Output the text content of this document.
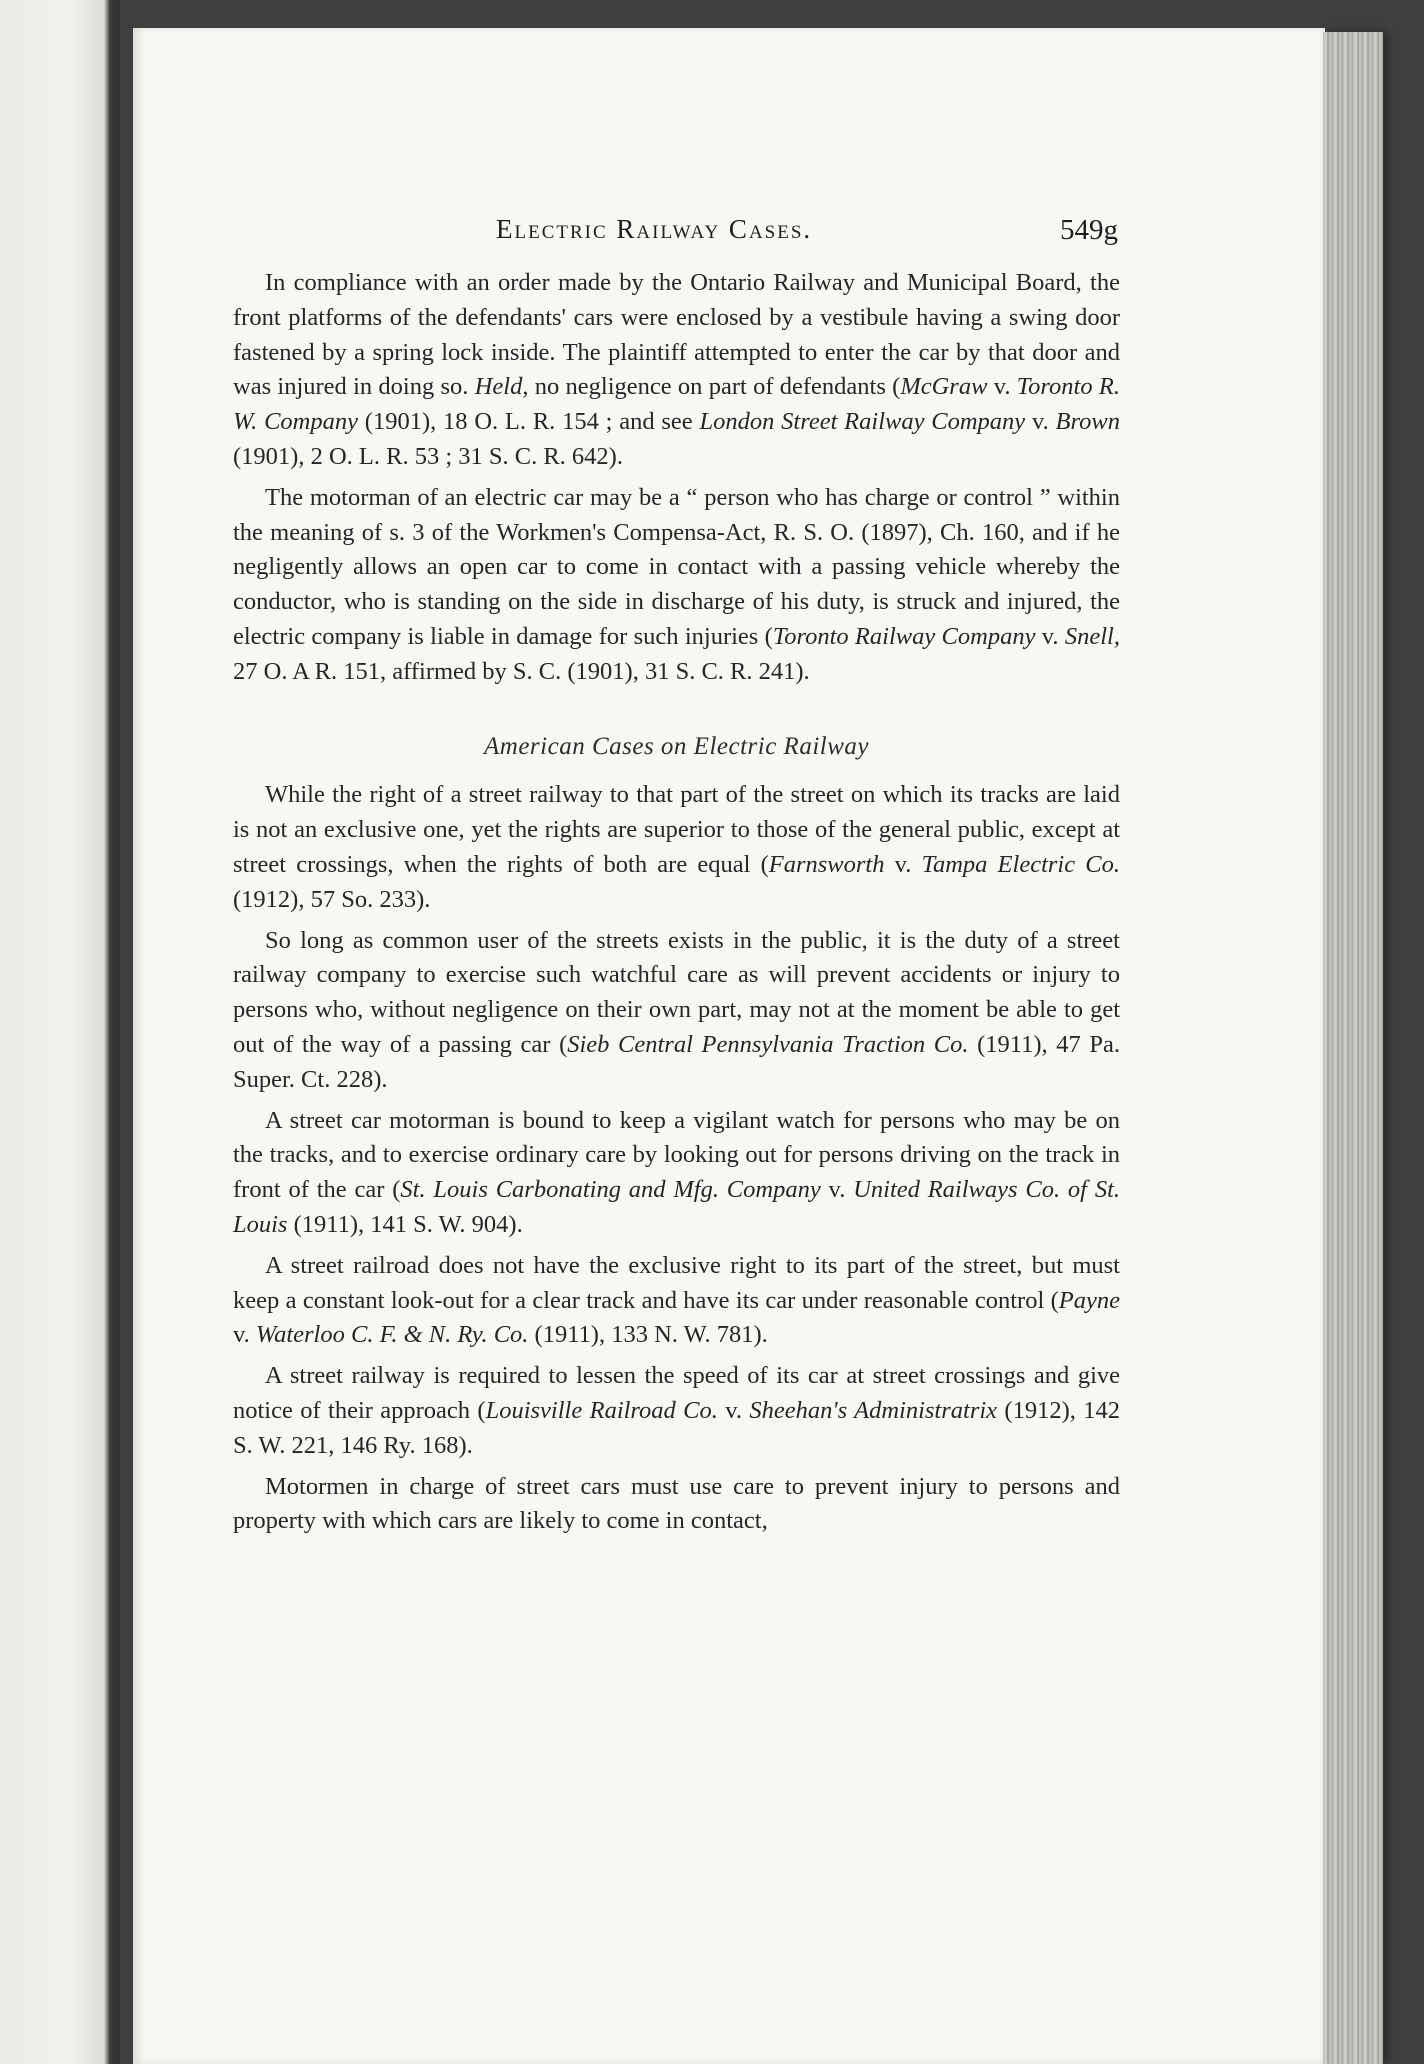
Electric Railway Cases.	549g

In compliance with an order made by the Ontario Railway and Municipal Board, the front platforms of the defendants' cars were enclosed by a vestibule having a swing door fastened by a spring lock inside. The plaintiff attempted to enter the car by that door and was injured in doing so. Held, no negligence on part of defendants (McGraw v. Toronto R. W. Company (1901), 18 O. L. R. 154 ; and see London Street Railway Company v. Brown (1901), 2 O. L. R. 53 ; 31 S. C. R. 642).

The motorman of an electric car may be a “ person who has charge or control ” within the meaning of s. 3 of the Workmen's Compensa-Act, R. S. O. (1897), Ch. 160, and if he negligently allows an open car to come in contact with a passing vehicle whereby the conductor, who is standing on the side in discharge of his duty, is struck and injured, the electric company is liable in damage for such injuries (Toronto Railway Company v. Snell, 27 O. A R. 151, affirmed by S. C. (1901), 31 S. C. R. 241).

American Cases on Electric Railway

While the right of a street railway to that part of the street on which its tracks are laid is not an exclusive one, yet the rights are superior to those of the general public, except at street crossings, when the rights of both are equal (Farnsworth v. Tampa Electric Co. (1912), 57 So. 233).

So long as common user of the streets exists in the public, it is the duty of a street railway company to exercise such watchful care as will prevent accidents or injury to persons who, without negligence on their own part, may not at the moment be able to get out of the way of a passing car (Sieb Central Pennsylvania Traction Co. (1911), 47 Pa. Super. Ct. 228).

A street car motorman is bound to keep a vigilant watch for persons who may be on the tracks, and to exercise ordinary care by looking out for persons driving on the track in front of the car (St. Louis Carbonating and Mfg. Company v. United Railways Co. of St. Louis (1911), 141 S. W. 904).

A street railroad does not have the exclusive right to its part of the street, but must keep a constant look-out for a clear track and have its car under reasonable control (Payne v. Waterloo C. F. & N. Ry. Co. (1911), 133 N. W. 781).

A street railway is required to lessen the speed of its car at street crossings and give notice of their approach (Louisville Railroad Co. v. Sheehan's Administratrix (1912), 142 S. W. 221, 146 Ry. 168).

Motormen in charge of street cars must use care to prevent injury to persons and property with which cars are likely to come in contact,
